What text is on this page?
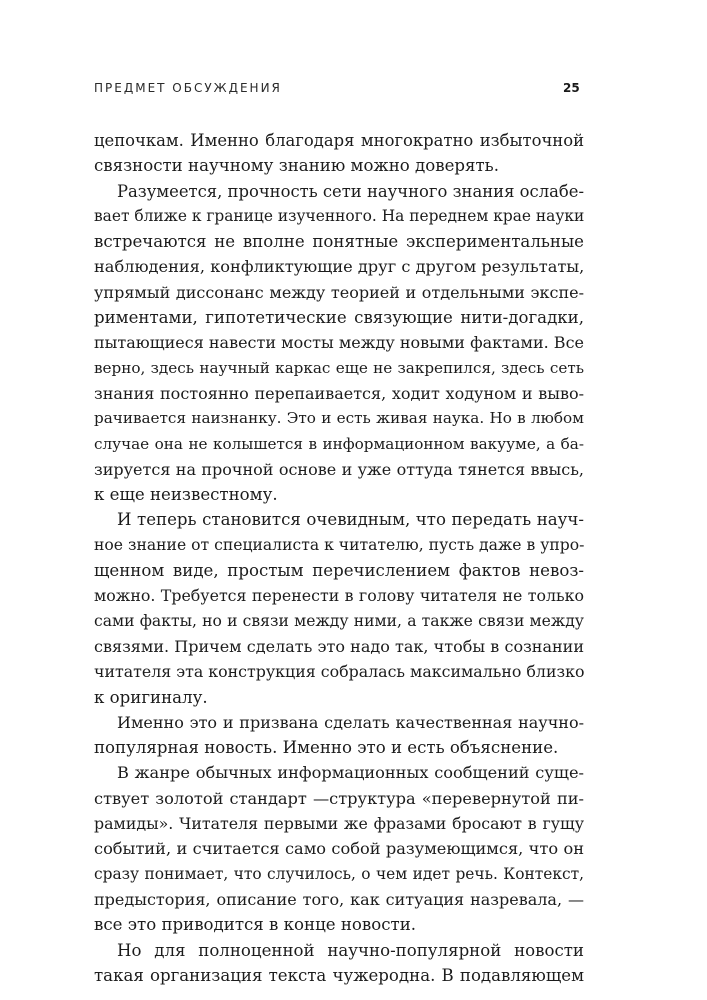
ПРЕДМЕТ ОБСУЖДЕНИЯ	25
цепочкам. Именно благодаря многократно избыточной
связности научному знанию можно доверять.
Разумеется, прочность сети научного знания ослабе-
вает ближе к границе изученного. На переднем крае науки
встречаются не вполне понятные экспериментальные
наблюдения, конфликтующие друг с другом результаты,
упрямый диссонанс между теорией и отдельными экспе-
риментами, гипотетические связующие нити-догадки,
пытающиеся навести мосты между новыми фактами. Все
верно, здесь научный каркас еще не закрепился, здесь сеть
знания постоянно перепаивается, ходит ходуном и выво-
рачивается наизнанку. Это и есть живая наука. Но в любом
случае она не колышется в информационном вакууме, а ба-
зируется на прочной основе и уже оттуда тянется ввысь,
к еще неизвестному.
И теперь становится очевидным, что передать науч-
ное знание от специалиста к читателю, пусть даже в упро-
щенном виде, простым перечислением фактов невоз-
можно. Требуется перенести в голову читателя не только
сами факты, но и связи между ними, а также связи между
связями. Причем сделать это надо так, чтобы в сознании
читателя эта конструкция собралась максимально близко
к оригиналу.
Именно это и призвана сделать качественная научно-
популярная новость. Именно это и есть объяснение.
В жанре обычных информационных сообщений суще-
ствует золотой стандарт —структура «перевернутой пи-
рамиды». Читателя первыми же фразами бросают в гущу
событий, и считается само собой разумеющимся, что он
сразу понимает, что случилось, о чем идет речь. Контекст,
предыстория, описание того, как ситуация назревала, —
все это приводится в конце новости.
Но для полноценной научно-популярной новости
такая организация текста чужеродна. В подавляющем
